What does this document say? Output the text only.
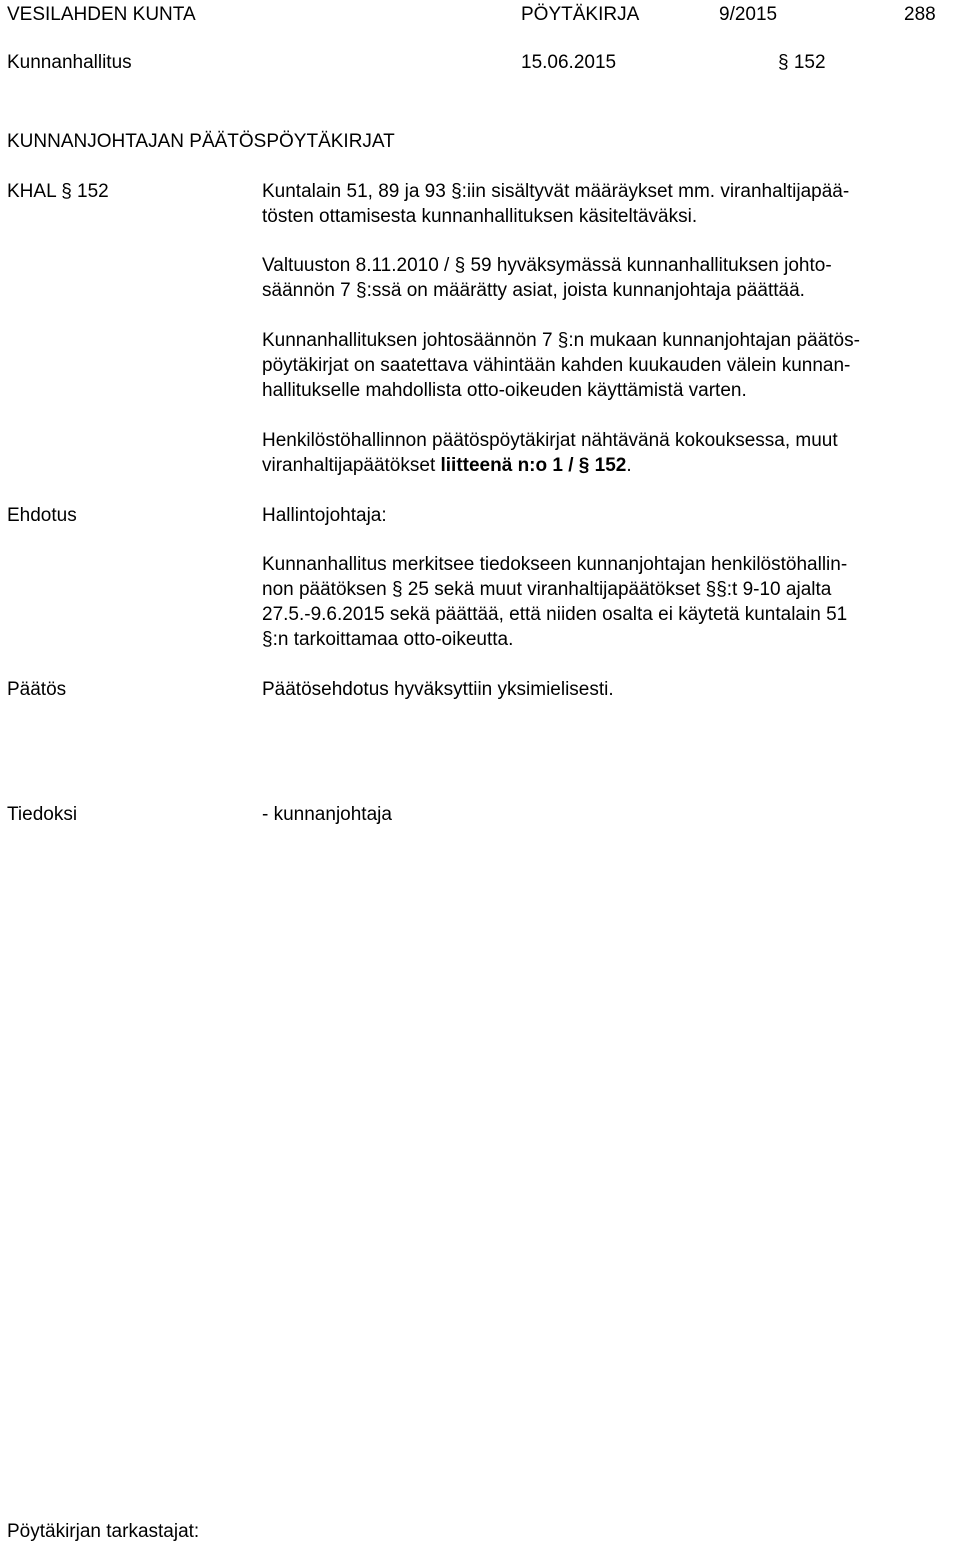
VESILAHDEN KUNTA	PÖYTÄKIRJA	9/2015	288
Kunnanhallitus	15.06.2015	§ 152
KUNNANJOHTAJAN PÄÄTÖSPÖYTÄKIRJAT
KHAL § 152	Kuntalain 51, 89 ja 93 §:iin sisältyvät määräykset mm. viranhaltijapää-
tösten ottamisesta kunnanhallituksen käsiteltäväksi.
Valtuuston 8.11.2010 / § 59 hyväksymässä kunnanhallituksen johto-
säännön 7 §:ssä on määrätty asiat, joista kunnanjohtaja päättää.
Kunnanhallituksen johtosäännön 7 §:n mukaan kunnanjohtajan päätös-
pöytäkirjat on saatettava vähintään kahden kuukauden välein kunnan-
hallitukselle mahdollista otto-oikeuden käyttämistä varten.
Henkilöstöhallinnon päätöspöytäkirjat nähtävänä kokouksessa, muut
viranhaltijapäätökset liitteenä n:o 1 / § 152.
Ehdotus	Hallintojohtaja:
Kunnanhallitus merkitsee tiedokseen kunnanjohtajan henkilöstöhallin-
non päätöksen § 25 sekä muut viranhaltijapäätökset §§:t 9-10 ajalta
27.5.-9.6.2015 sekä päättää, että niiden osalta ei käytetä kuntalain 51
§:n tarkoittamaa otto-oikeutta.
Päätös	Päätösehdotus hyväksyttiin yksimielisesti.
Tiedoksi	- kunnanjohtaja
Pöytäkirjan tarkastajat:
